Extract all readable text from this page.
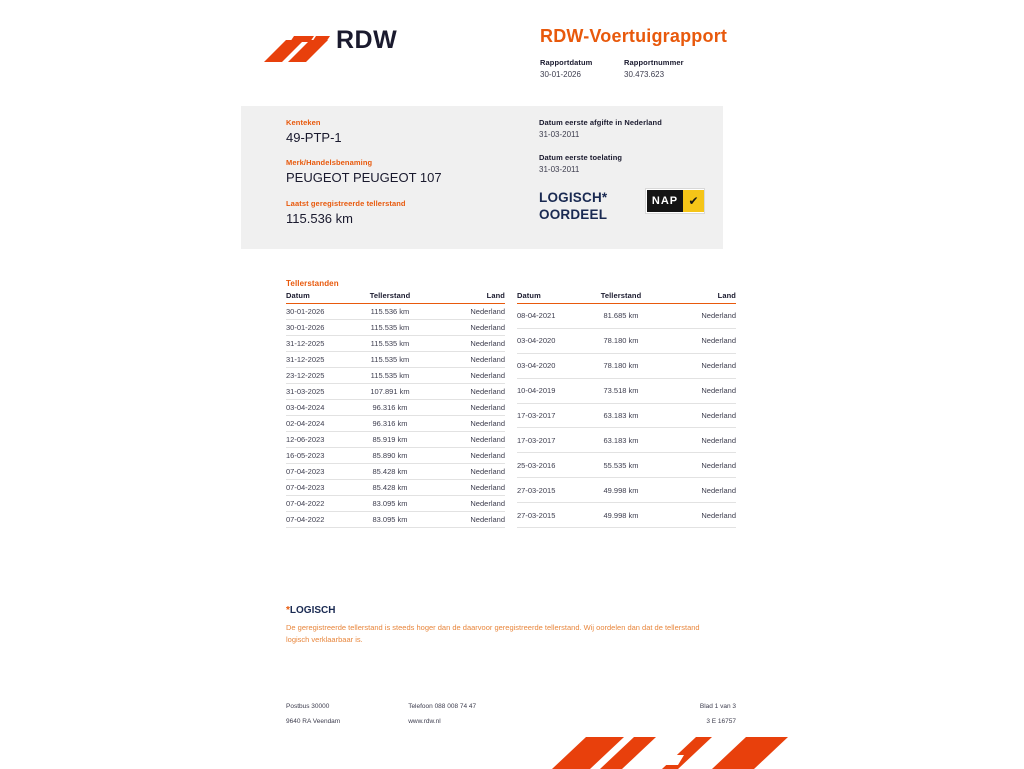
RDW	RDW-Voertuigrapport
Rapportdatum
30-01-2026
Rapportnummer
30.473.623
Kenteken
49-PTP-1
Merk/Handelsbenaming
PEUGEOT PEUGEOT 107
Laatst geregistreerde tellerstand
115.536 km
Datum eerste afgifte in Nederland
31-03-2011
Datum eerste toelating
31-03-2011
LOGISCH*
OORDEEL
NAP ✔
Tellerstanden
Datum	Tellerstand	Land
30-01-2026	115.536 km	Nederland
30-01-2026	115.535 km	Nederland
31-12-2025	115.535 km	Nederland
31-12-2025	115.535 km	Nederland
23-12-2025	115.535 km	Nederland
31-03-2025	107.891 km	Nederland
03-04-2024	96.316 km	Nederland
02-04-2024	96.316 km	Nederland
12-06-2023	85.919 km	Nederland
16-05-2023	85.890 km	Nederland
07-04-2023	85.428 km	Nederland
07-04-2023	85.428 km	Nederland
07-04-2022	83.095 km	Nederland
07-04-2022	83.095 km	Nederland
Datum	Tellerstand	Land
08-04-2021	81.685 km	Nederland
03-04-2020	78.180 km	Nederland
03-04-2020	78.180 km	Nederland
10-04-2019	73.518 km	Nederland
17-03-2017	63.183 km	Nederland
17-03-2017	63.183 km	Nederland
25-03-2016	55.535 km	Nederland
27-03-2015	49.998 km	Nederland
27-03-2015	49.998 km	Nederland
*LOGISCH
De geregistreerde tellerstand is steeds hoger dan de daarvoor geregistreerde tellerstand. Wij oordelen dan dat de tellerstand logisch verklaarbaar is.
Postbus 30000	Telefoon 088 008 74 47	Blad 1 van 3
9640 RA Veendam	www.rdw.nl	3 E 16757
